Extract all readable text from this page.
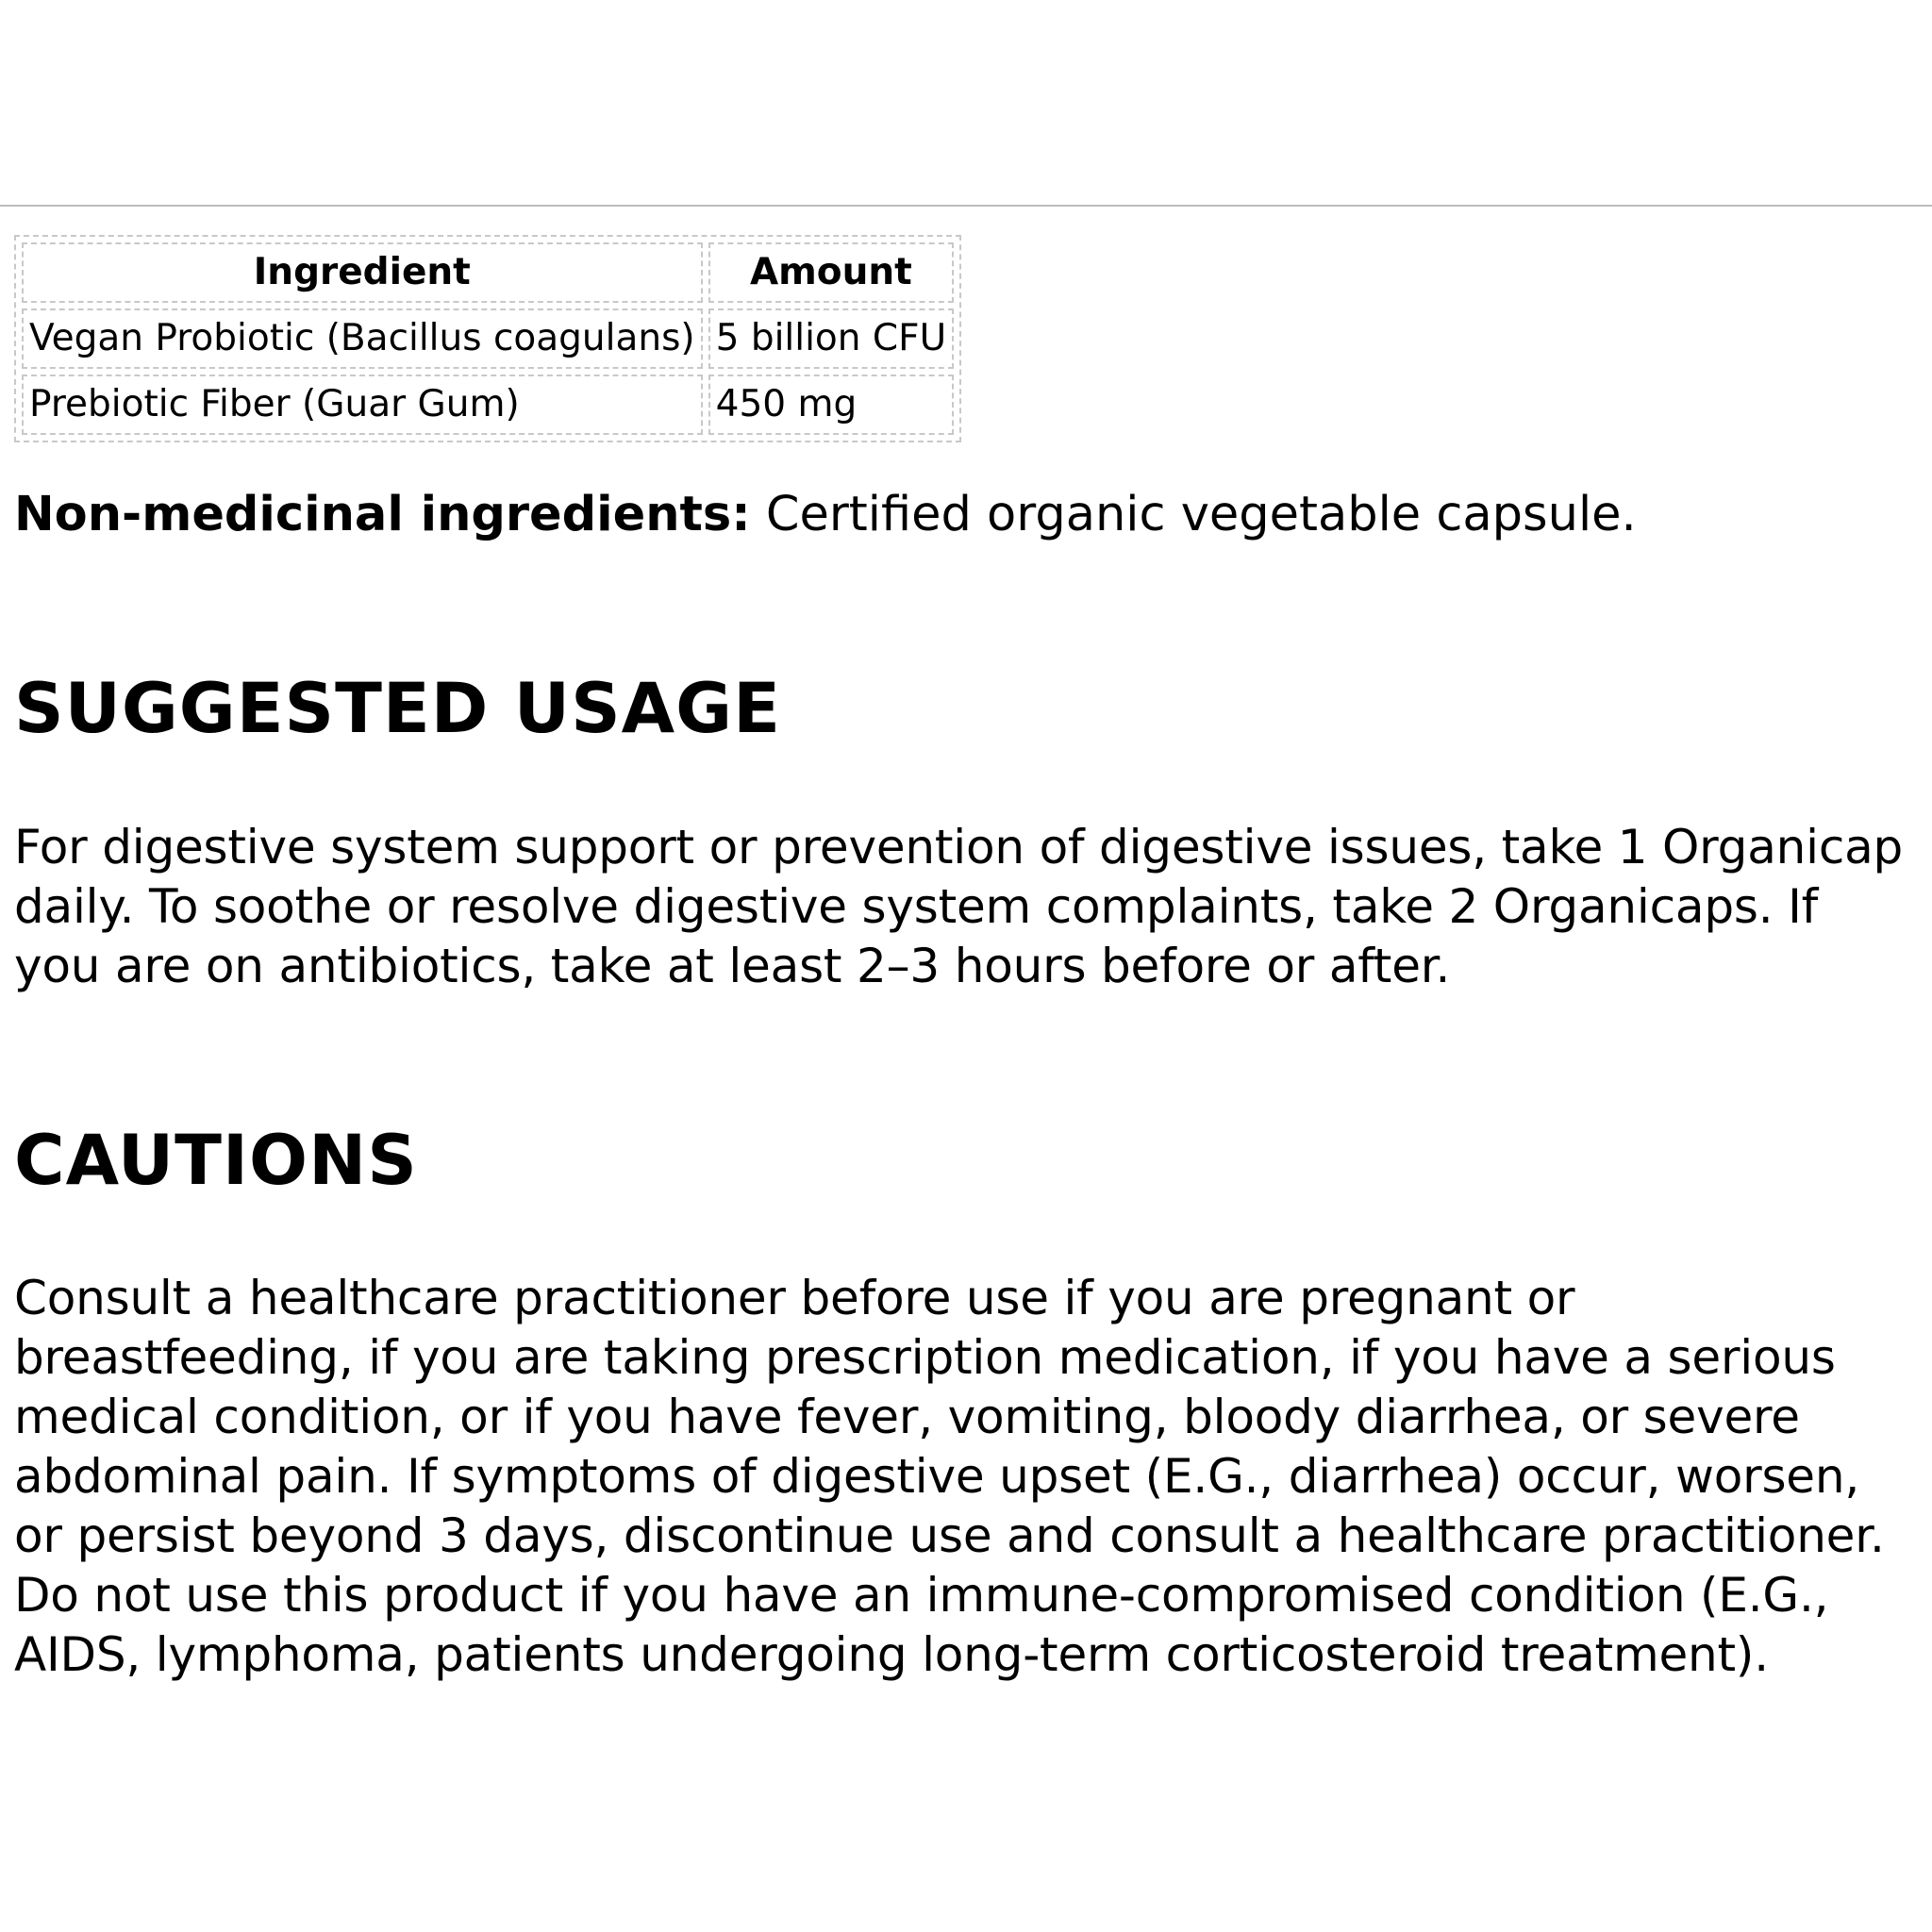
Ingredient	Amount
Vegan Probiotic (Bacillus coagulans)	5 billion CFU
Prebiotic Fiber (Guar Gum)	450 mg

Non-medicinal ingredients: Certified organic vegetable capsule.

SUGGESTED USAGE

For digestive system support or prevention of digestive issues, take 1 Organicap daily. To soothe or resolve digestive system complaints, take 2 Organicaps. If you are on antibiotics, take at least 2–3 hours before or after.

CAUTIONS

Consult a healthcare practitioner before use if you are pregnant or breastfeeding, if you are taking prescription medication, if you have a serious medical condition, or if you have fever, vomiting, bloody diarrhea, or severe abdominal pain. If symptoms of digestive upset (E.G., diarrhea) occur, worsen, or persist beyond 3 days, discontinue use and consult a healthcare practitioner. Do not use this product if you have an immune-compromised condition (E.G., AIDS, lymphoma, patients undergoing long-term corticosteroid treatment).
